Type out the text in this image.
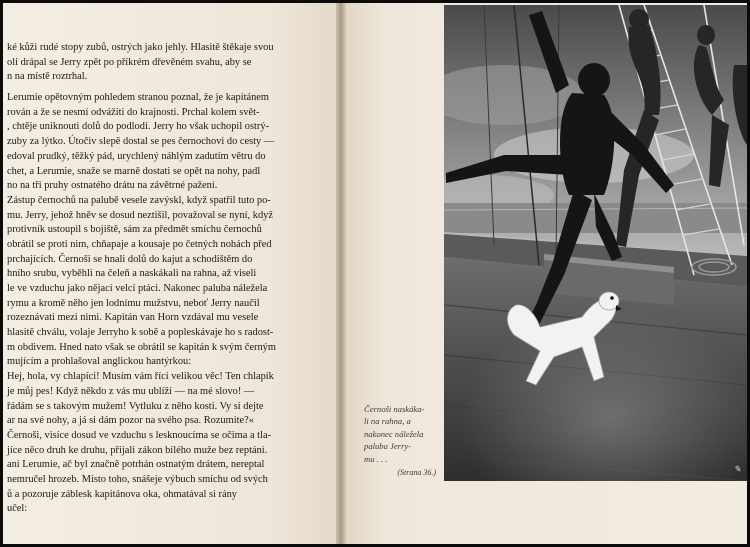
ké kůži rudé stopy zubů, ostrých jako jehly. Hlasitě štěkaje svou
oli drápal se Jerry zpět po příkrém dřevěném svahu, aby se
n na místě roztrhal.
Lerumie opětovným pohledem stranou poznal, že je kapitánem
rován a že se nesmí odvážiti do krajnosti. Prchal kolem svět-
, chtěje uniknouti dolů do podlodí. Jerry ho však uchopil ostrý-
zuby za lýtko. Útočiv slepě dostal se pes černochovi do cesty —
edoval prudký, těžký pád, urychlený náhlým zadutím větru do
chet, a Lerumie, snaže se marně dostati se opět na nohy, padl
no na tři pruhy ostnatého drátu na závětrné pažení.
Zástup černochů na palubě vesele zavýskl, když spatřil tuto po-
mu. Jerry, jehož hněv se dosud neztišil, považoval se nyní, když
protivník ustoupil s bojiště, sám za předmět smíchu černochů
obrátil se proti nim, chňapaje a kousaje po četných nohách před
prchajících. Černoši se hnali dolů do kajut a schodištěm do
hního srubu, vyběhli na čeleň a naskákali na rahna, až viseli
le ve vzduchu jako nějací velcí ptáci. Nakonec paluba náležela
rymu a kromě něho jen lodnímu mužstvu, neboť Jerry naučil
rozeznávati mezi nimi. Kapitán van Horn vzdával mu vesele
hlasitě chválu, volaje Jerryho k sobě a popleskávaje ho s radost-
m obdivem. Hned nato však se obrátil se kapitán k svým černým
mujícím a prohlašoval anglickou hantýrkou:
Hej, hola, vy chlapíci! Musím vám říci velikou věc! Ten chlapík
je můj pes! Když někdo z vás mu ublíží — na mé slovo! —
řádám se s takovým mužem! Vytluku z něho kosti. Vy si dejte
ar na své nohy, a já si dám pozor na svého psa. Rozumite?«
Černoši, visíce dosud ve vzduchu s lesknoucíma se očima a tla-
jíce něco druh ke druhu, přijali zákon bílého muže bez reptání.
ani Lerumie, ač byl značně potrhán ostnatým drátem, nereptal
nemručel hrozeb. Místo toho, snášeje výbuch smíchu od svých
ů a pozoruje záblesk kapitánova oka, ohmatával si rány
učel:
Černoši naskáka-
li na rahna, a
nakonec náležela
paluba Jerry-
mu . . .
(Strana 36.)	✎
